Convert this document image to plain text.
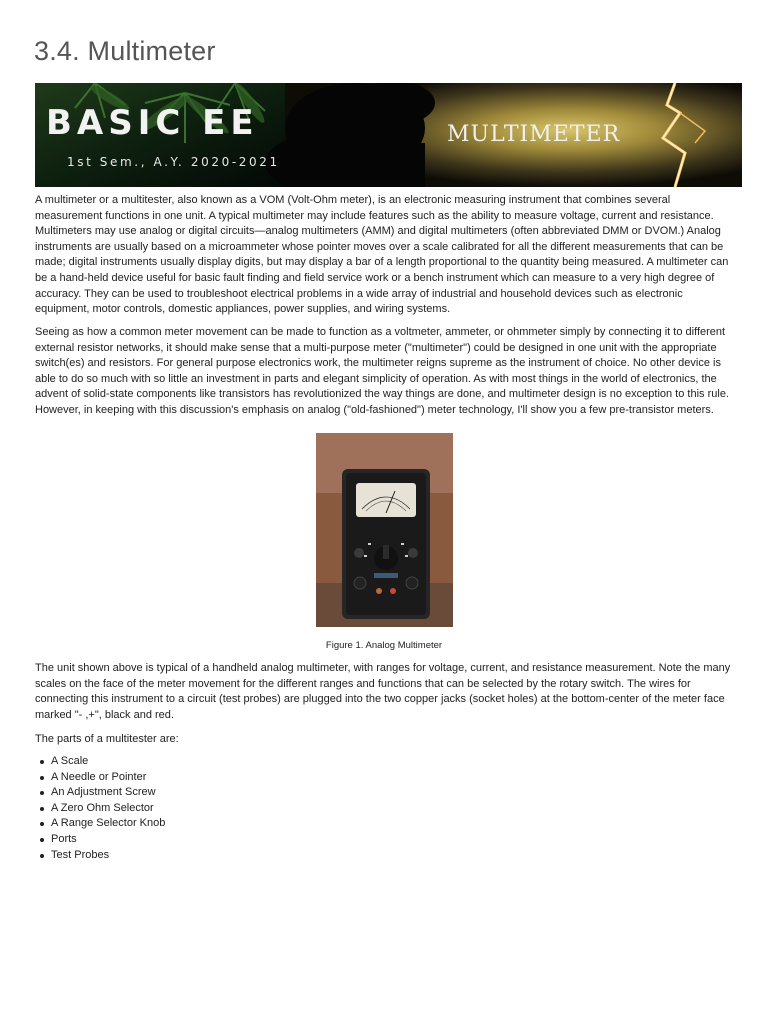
3.4. Multimeter
BASIC EE
1st Sem., A.Y. 2020-2021
MULTIMETER

A multimeter or a multitester, also known as a VOM (Volt-Ohm meter), is an electronic measuring instrument that combines several measurement functions in one unit. A typical multimeter may include features such as the ability to measure voltage, current and resistance. Multimeters may use analog or digital circuits—analog multimeters (AMM) and digital multimeters (often abbreviated DMM or DVOM.) Analog instruments are usually based on a microammeter whose pointer moves over a scale calibrated for all the different measurements that can be made; digital instruments usually display digits, but may display a bar of a length proportional to the quantity being measured. A multimeter can be a hand-held device useful for basic fault finding and field service work or a bench instrument which can measure to a very high degree of accuracy. They can be used to troubleshoot electrical problems in a wide array of industrial and household devices such as electronic equipment, motor controls, domestic appliances, power supplies, and wiring systems.

Seeing as how a common meter movement can be made to function as a voltmeter, ammeter, or ohmmeter simply by connecting it to different external resistor networks, it should make sense that a multi-purpose meter ("multimeter") could be designed in one unit with the appropriate switch(es) and resistors. For general purpose electronics work, the multimeter reigns supreme as the instrument of choice. No other device is able to do so much with so little an investment in parts and elegant simplicity of operation. As with most things in the world of electronics, the advent of solid-state components like transistors has revolutionized the way things are done, and multimeter design is no exception to this rule. However, in keeping with this discussion's emphasis on analog ("old-fashioned") meter technology, I'll show you a few pre-transistor meters.

Figure 1. Analog Multimeter

The unit shown above is typical of a handheld analog multimeter, with ranges for voltage, current, and resistance measurement. Note the many scales on the face of the meter movement for the different ranges and functions that can be selected by the rotary switch. The wires for connecting this instrument to a circuit (test probes) are plugged into the two copper jacks (socket holes) at the bottom-center of the meter face marked "- ,+", black and red.

The parts of a multitester are:

A Scale
A Needle or Pointer
An Adjustment Screw
A Zero Ohm Selector
A Range Selector Knob
Ports
Test Probes
